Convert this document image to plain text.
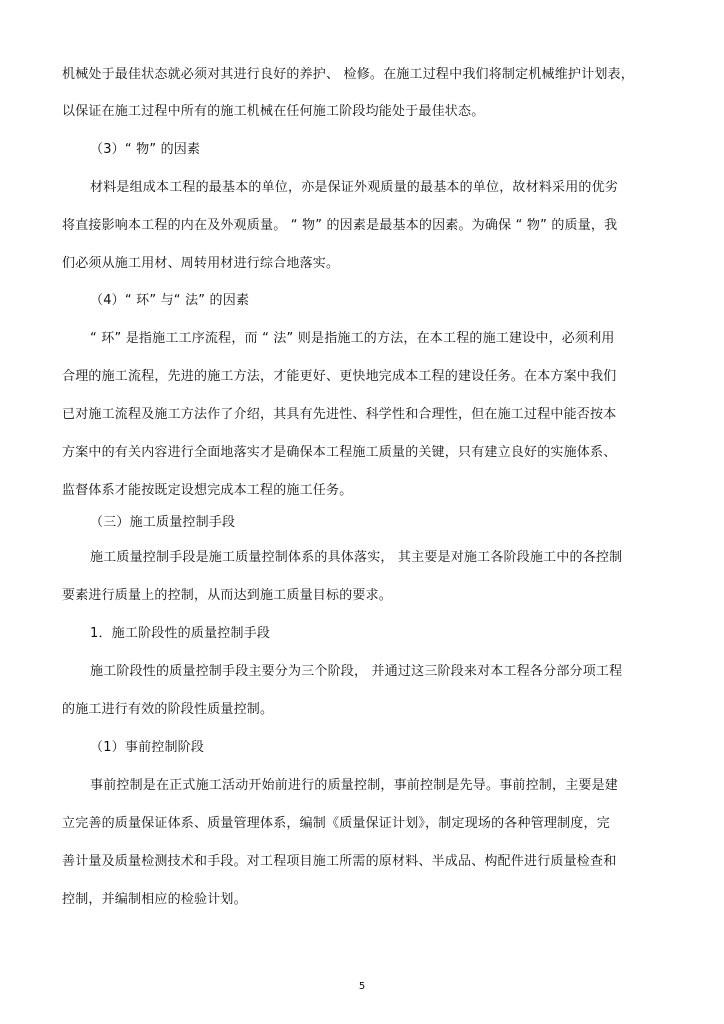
机械处于最佳状态就必须对其进行良好的养护、 检修。在施工过程中我们将制定机械维护计划表，
以保证在施工过程中所有的施工机械在任何施工阶段均能处于最佳状态。
（3）“ 物” 的因素
材料是组成本工程的最基本的单位，亦是保证外观质量的最基本的单位，故材料采用的优劣
将直接影响本工程的内在及外观质量。 “ 物” 的因素是最基本的因素。为确保 “ 物” 的质量，我
们必须从施工用材、周转用材进行综合地落实。
（4）“ 环” 与“ 法” 的因素
“ 环” 是指施工工序流程，而 “ 法” 则是指施工的方法，在本工程的施工建设中，必须利用
合理的施工流程，先进的施工方法，才能更好、更快地完成本工程的建设任务。在本方案中我们
已对施工流程及施工方法作了介绍，其具有先进性、科学性和合理性，但在施工过程中能否按本
方案中的有关内容进行全面地落实才是确保本工程施工质量的关键，只有建立良好的实施体系、
监督体系才能按既定设想完成本工程的施工任务。
（三）施工质量控制手段
施工质量控制手段是施工质量控制体系的具体落实， 其主要是对施工各阶段施工中的各控制
要素进行质量上的控制，从而达到施工质量目标的要求。
1．施工阶段性的质量控制手段
施工阶段性的质量控制手段主要分为三个阶段， 并通过这三阶段来对本工程各分部分项工程
的施工进行有效的阶段性质量控制。
（1）事前控制阶段
事前控制是在正式施工活动开始前进行的质量控制，事前控制是先导。事前控制，主要是建
立完善的质量保证体系、质量管理体系，编制《质量保证计划》，制定现场的各种管理制度，完
善计量及质量检测技术和手段。对工程项目施工所需的原材料、半成品、构配件进行质量检查和
控制，并编制相应的检验计划。
5
